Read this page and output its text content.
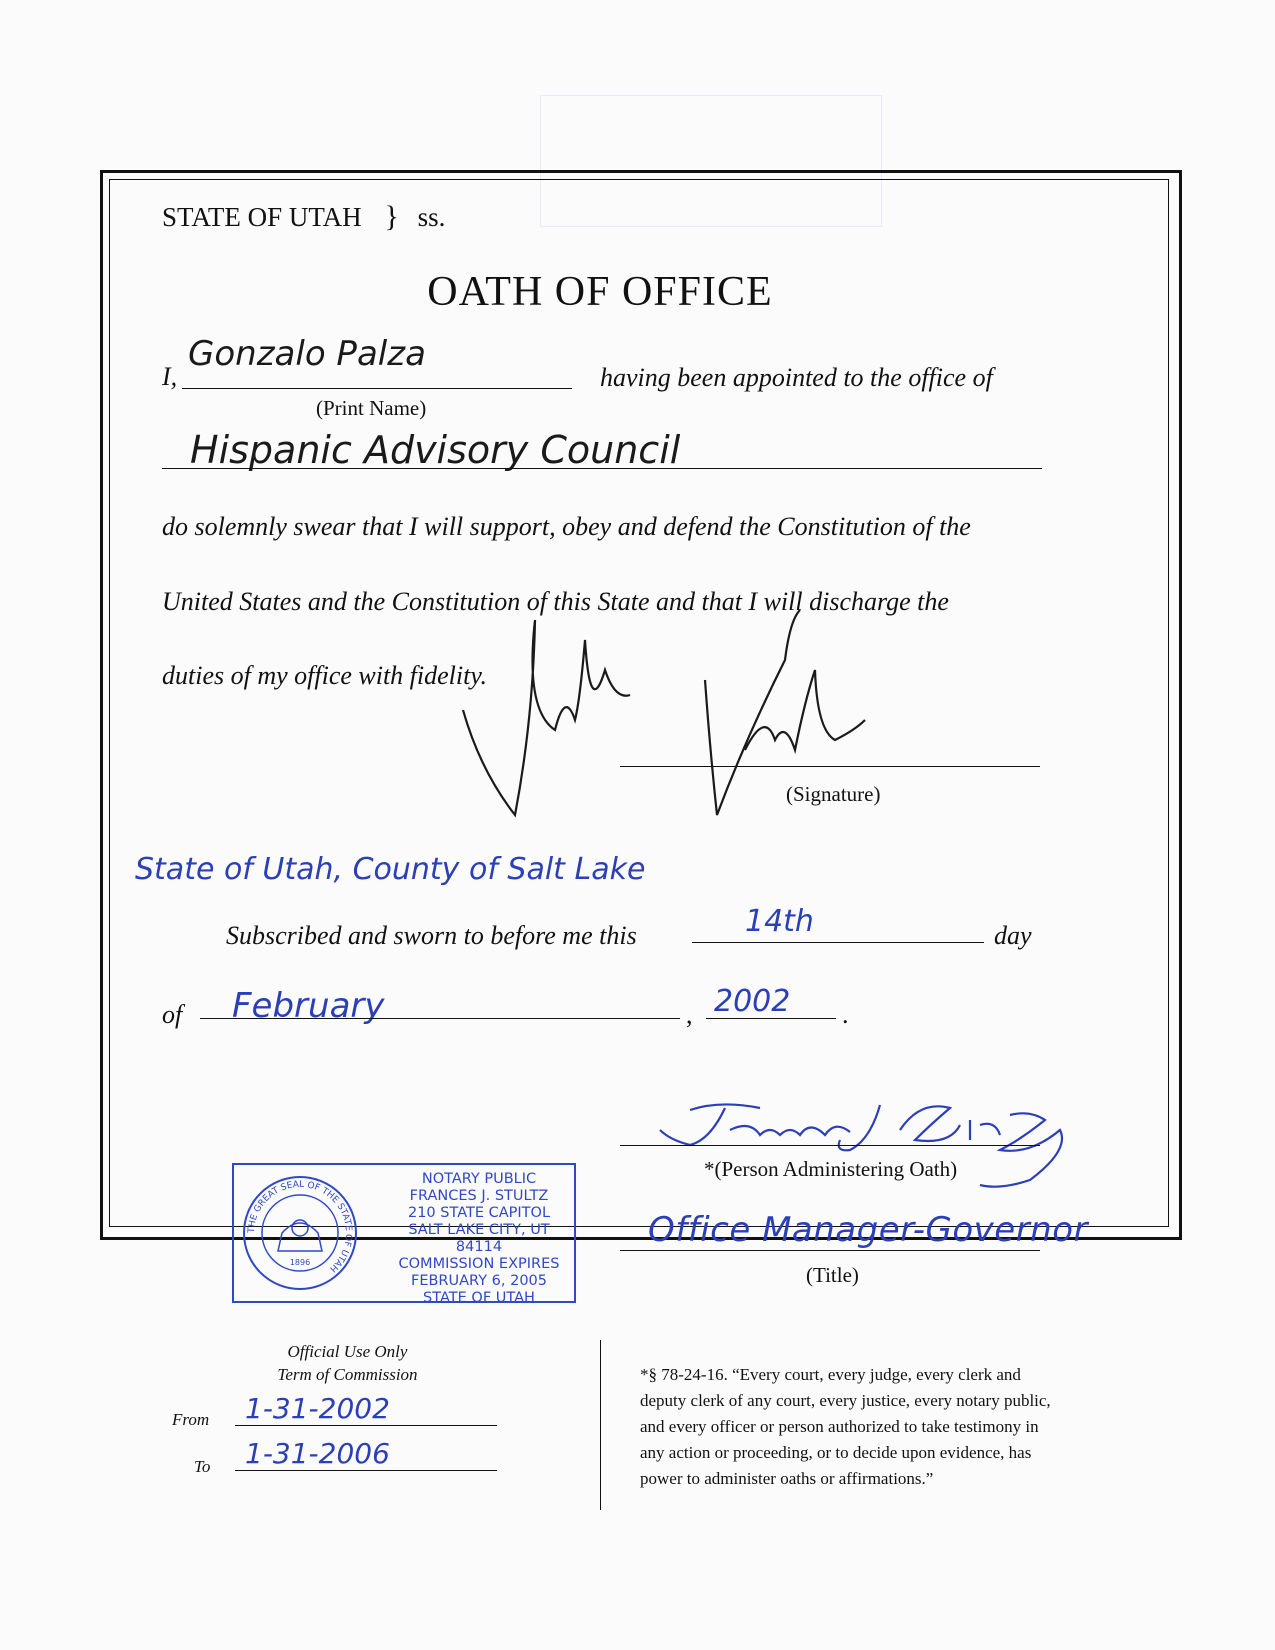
STATE OF UTAH } ss.
OATH OF OFFICE
I,
Gonzalo Palza
(Print Name)
having been appointed to the office of
Hispanic Advisory Council
do solemnly swear that I will support, obey and defend the Constitution of the
United States and the Constitution of this State and that I will discharge the
duties of my office with fidelity.
(Signature)
State of Utah, County of Salt Lake
Subscribed and sworn to before me this	14th	day
of February	, 2002 .
THE GREAT SEAL OF THE STATE OF UTAH
1896
NOTARY PUBLIC
FRANCES J. STULTZ
210 STATE CAPITOL
SALT LAKE CITY, UT 84114
COMMISSION EXPIRES
FEBRUARY 6, 2005
STATE OF UTAH
*(Person Administering Oath)
Office Manager-Governor
(Title)
Official Use Only
Term of Commission
From 1-31-2002
To 1-31-2006
*§ 78-24-16. “Every court, every judge, every clerk and
deputy clerk of any court, every justice, every notary public,
and every officer or person authorized to take testimony in
any action or proceeding, or to decide upon evidence, has
power to administer oaths or affirmations.”
